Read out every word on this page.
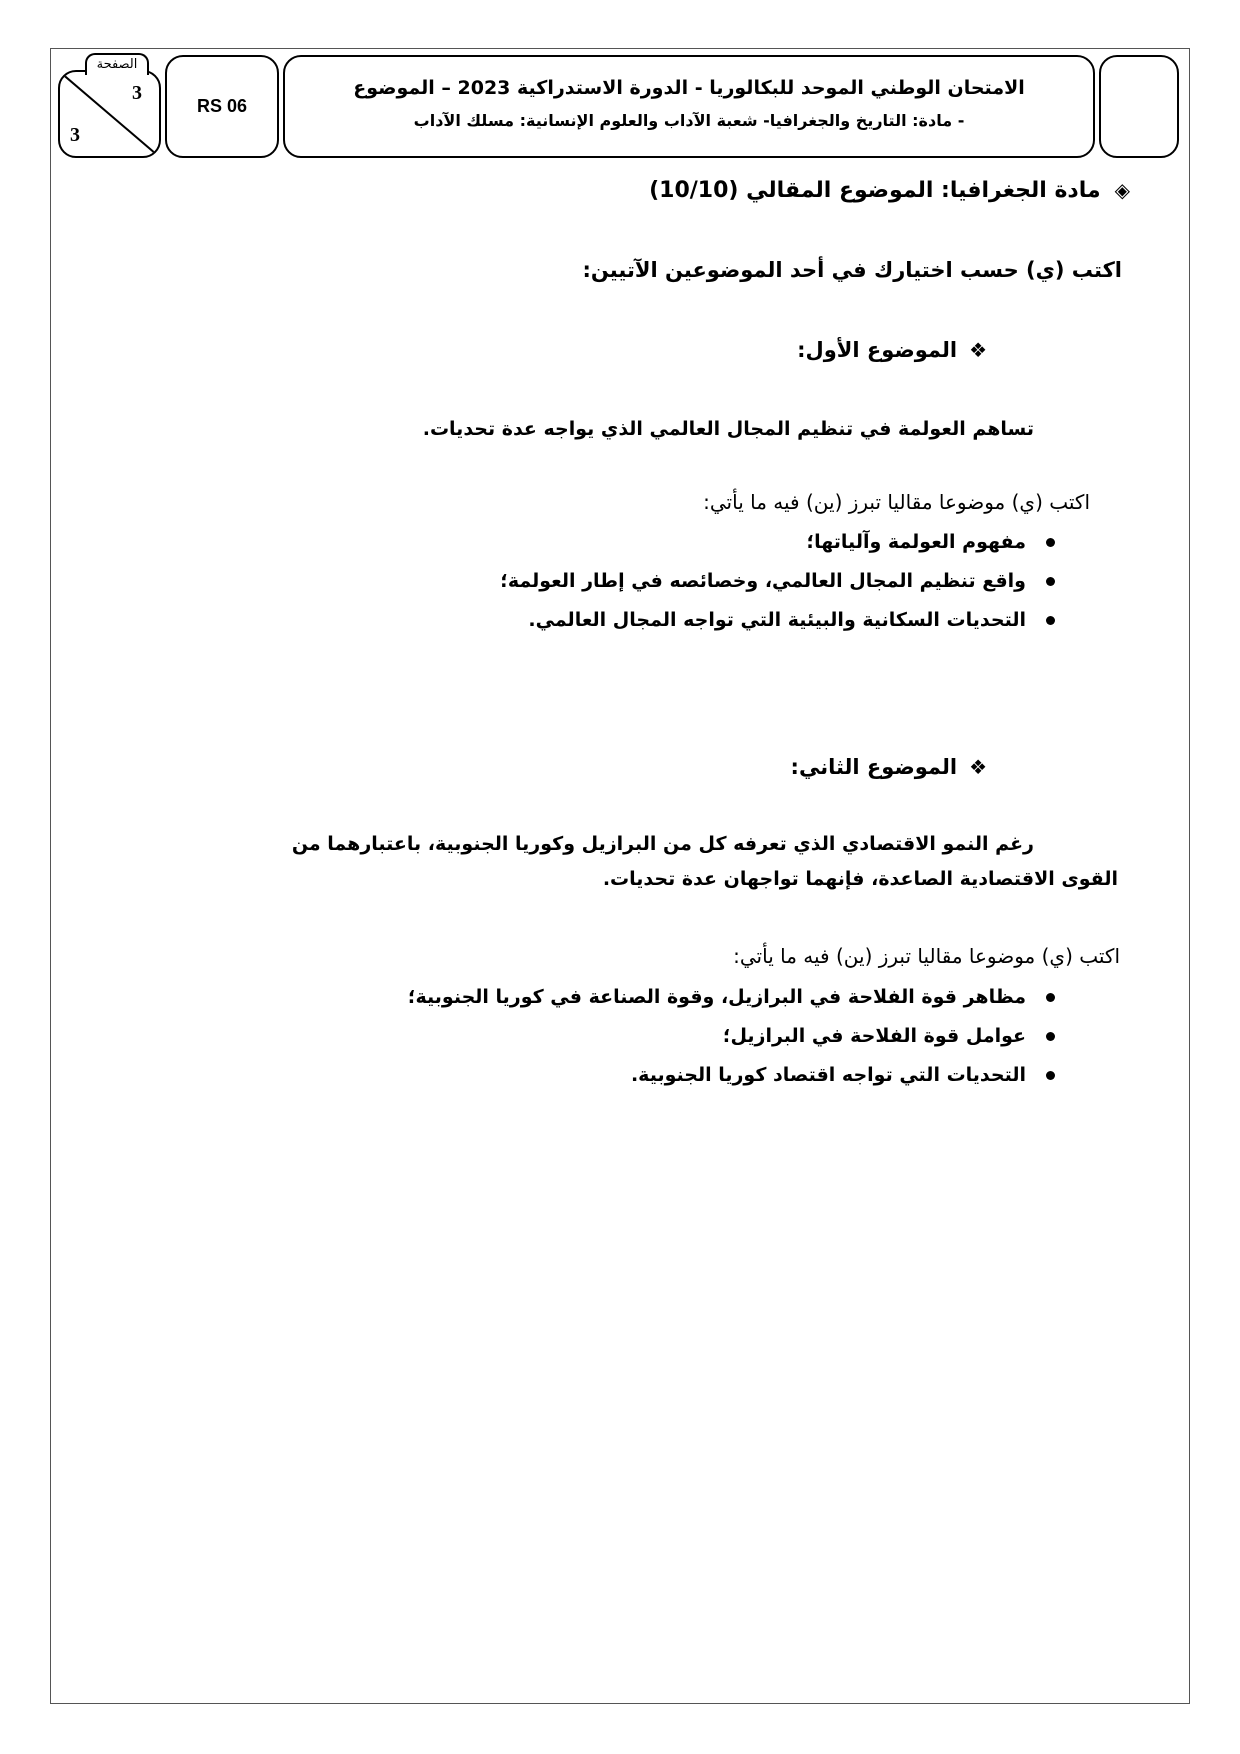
الامتحان الوطني الموحد للبكالوريا - الدورة الاستدراكية 2023 – الموضوع
- مادة: التاريخ والجغرافيا- شعبة الآداب والعلوم الإنسانية: مسلك الآداب
RS 06
3
3
الصفحة
◈مادة الجغرافيا: الموضوع المقالي (10/10)
اكتب (ي) حسب اختيارك في أحد الموضوعين الآتيين:
❖الموضوع الأول:
تساهم العولمة في تنظيم المجال العالمي الذي يواجه عدة تحديات.
اكتب (ي) موضوعا مقاليا تبرز (ين) فيه ما يأتي:
مفهوم العولمة وآلياتها؛
واقع تنظيم المجال العالمي، وخصائصه في إطار العولمة؛
التحديات السكانية والبيئية التي تواجه المجال العالمي.
❖الموضوع الثاني:
رغم النمو الاقتصادي الذي تعرفه كل من البرازيل وكوريا الجنوبية، باعتبارهما من
القوى الاقتصادية الصاعدة، فإنهما تواجهان عدة تحديات.
اكتب (ي) موضوعا مقاليا تبرز (ين) فيه ما يأتي:
مظاهر قوة الفلاحة في البرازيل، وقوة الصناعة في كوريا الجنوبية؛
عوامل قوة الفلاحة في البرازيل؛
التحديات التي تواجه اقتصاد كوريا الجنوبية.
